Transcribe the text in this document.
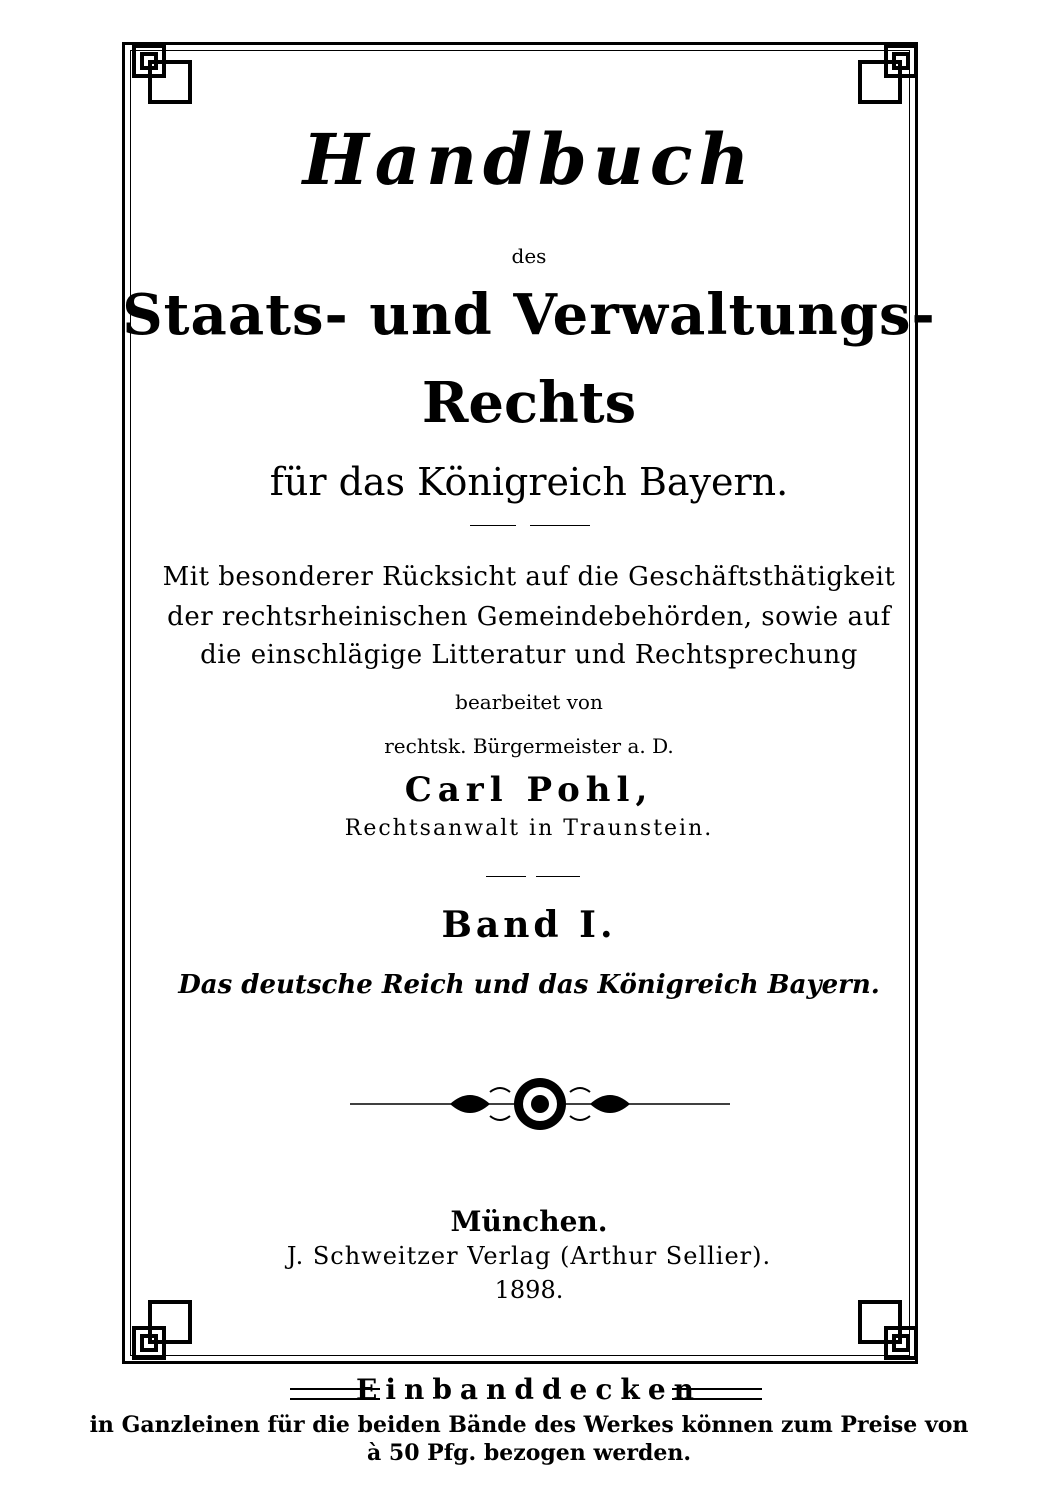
Handbuch
des
Staats- und Verwaltungs-
Rechts
für das Königreich Bayern.
Mit besonderer Rücksicht auf die Geschäftsthätigkeit
der rechtsrheinischen Gemeindebehörden, sowie auf
die einschlägige Litteratur und Rechtsprechung
bearbeitet von
rechtsk. Bürgermeister a. D.
Carl Pohl,
Rechtsanwalt in Traunstein.
Band I.
Das deutsche Reich und das Königreich Bayern.
München.
J. Schweitzer Verlag (Arthur Sellier).
1898.
Einbanddecken
in Ganzleinen für die beiden Bände des Werkes können zum Preise von
à 50 Pfg. bezogen werden.
